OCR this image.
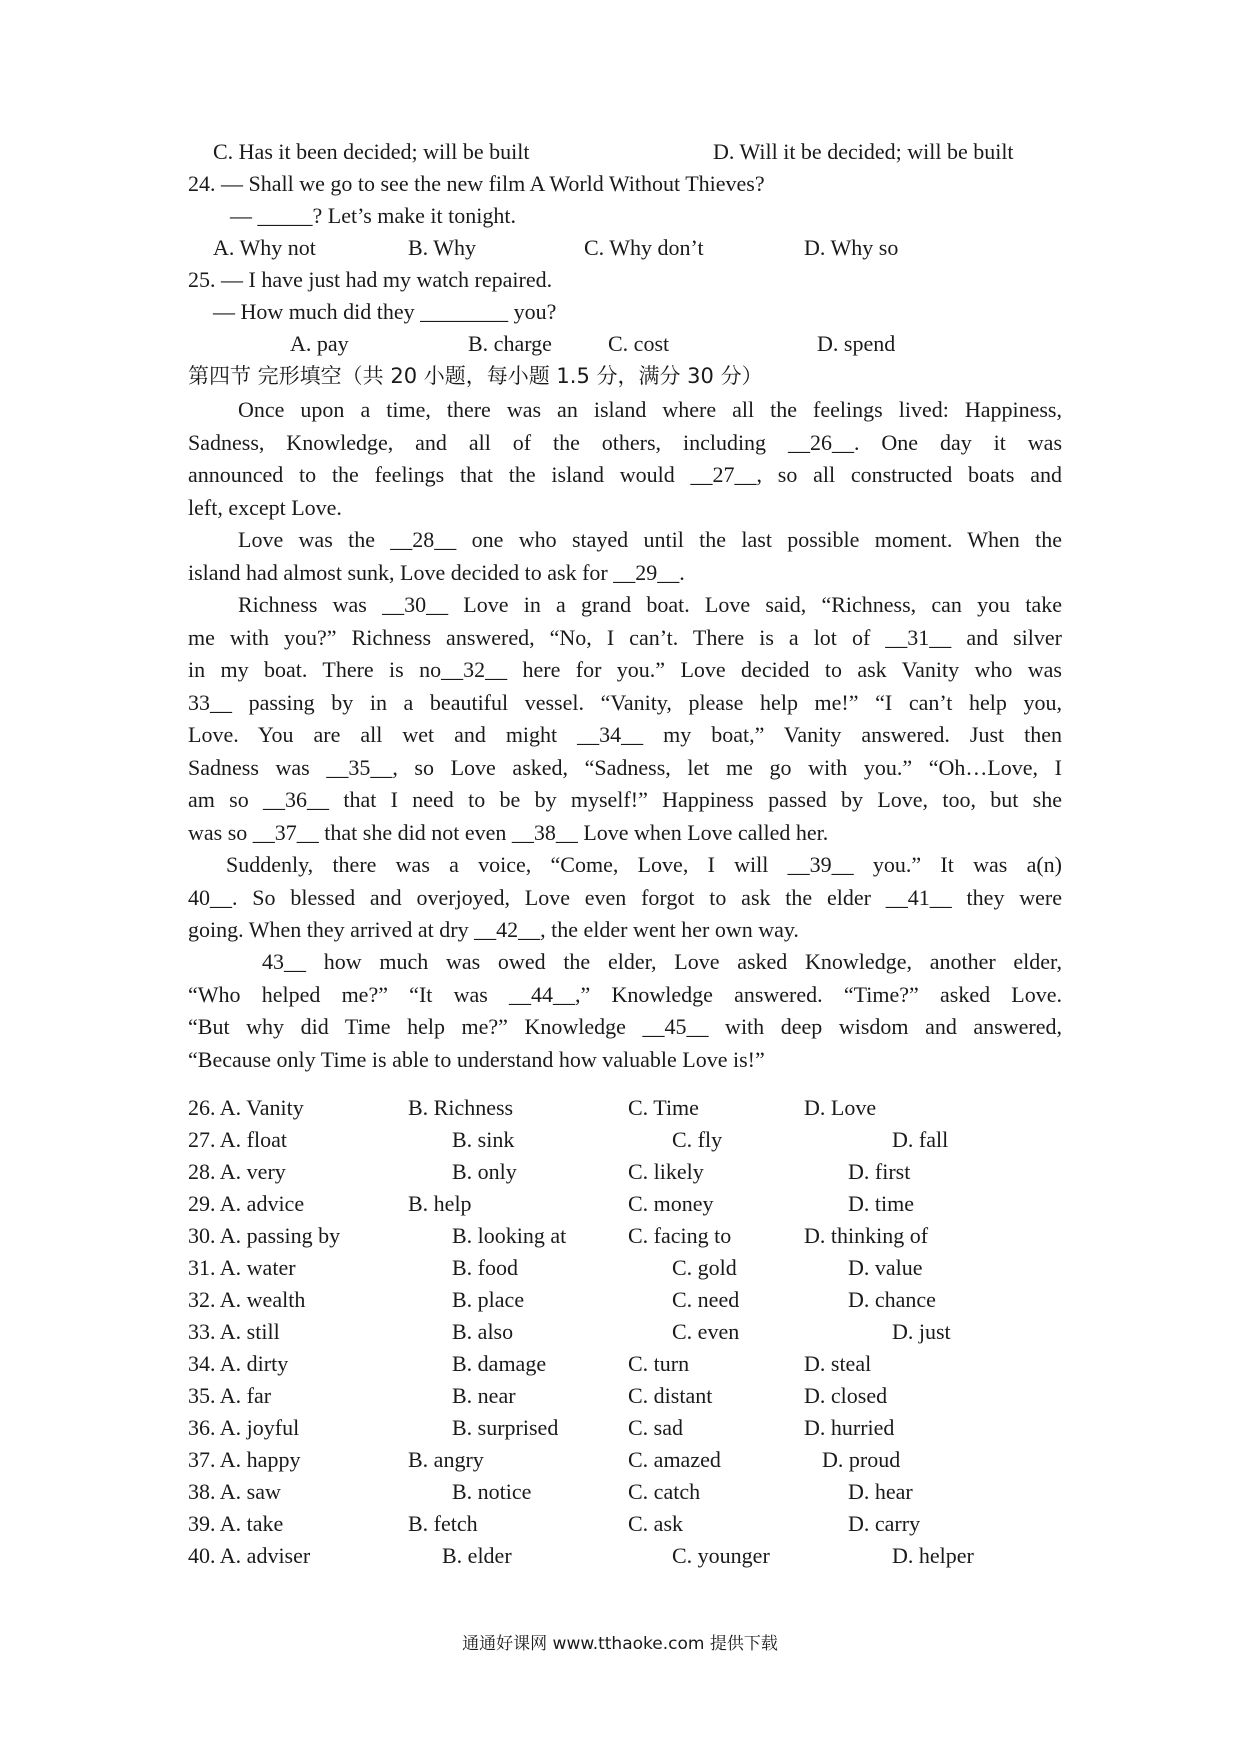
C. Has it been decided; will be built	D. Will it be decided; will be built
24. — Shall we go to see the new film A World Without Thieves?
— _____? Let’s make it tonight.
A. Why not	B. Why	C. Why don’t	D. Why so
25. — I have just had my watch repaired.
— How much did they ________ you?
A. pay	B. charge	C. cost	D. spend
第四节 完形填空（共 20 小题，每小题 1.5 分，满分 30 分）
Once upon a time, there was an island where all the feelings lived: Happiness,
Sadness, Knowledge, and all of the others, including __26__. One day it was
announced to the feelings that the island would __27__, so all constructed boats and
left, except Love.
Love was the __28__ one who stayed until the last possible moment. When the
island had almost sunk, Love decided to ask for __29__.
Richness was __30__ Love in a grand boat. Love said, “Richness, can you take
me with you?” Richness answered, “No, I can’t. There is a lot of __31__ and silver
in my boat. There is no__32__ here for you.” Love decided to ask Vanity who was
33__ passing by in a beautiful vessel. “Vanity, please help me!” “I can’t help you,
Love. You are all wet and might __34__ my boat,” Vanity answered. Just then
Sadness was __35__, so Love asked, “Sadness, let me go with you.” “Oh…Love, I
am so __36__ that I need to be by myself!” Happiness passed by Love, too, but she
was so __37__ that she did not even __38__ Love when Love called her.
Suddenly, there was a voice, “Come, Love, I will __39__ you.” It was a(n)
40__. So blessed and overjoyed, Love even forgot to ask the elder __41__ they were
going. When they arrived at dry __42__, the elder went her own way.
43__ how much was owed the elder, Love asked Knowledge, another elder,
“Who helped me?” “It was __44__,” Knowledge answered. “Time?” asked Love.
“But why did Time help me?” Knowledge __45__ with deep wisdom and answered,
“Because only Time is able to understand how valuable Love is!”
26. A. Vanity	B. Richness	C. Time	D. Love
27. A. float	B. sink	C. fly	D. fall
28. A. very	B. only	C. likely	D. first
29. A. advice	B. help	C. money	D. time
30. A. passing by	B. looking at	C. facing to	D. thinking of
31. A. water	B. food	C. gold	D. value
32. A. wealth	B. place	C. need	D. chance
33. A. still	B. also	C. even	D. just
34. A. dirty	B. damage	C. turn	D. steal
35. A. far	B. near	C. distant	D. closed
36. A. joyful	B. surprised	C. sad	D. hurried
37. A. happy	B. angry	C. amazed	D. proud
38. A. saw	B. notice	C. catch	D. hear
39. A. take	B. fetch	C. ask	D. carry
40. A. adviser	B. elder	C. younger	D. helper
通通好课网 www.tthaoke.com 提供下载
